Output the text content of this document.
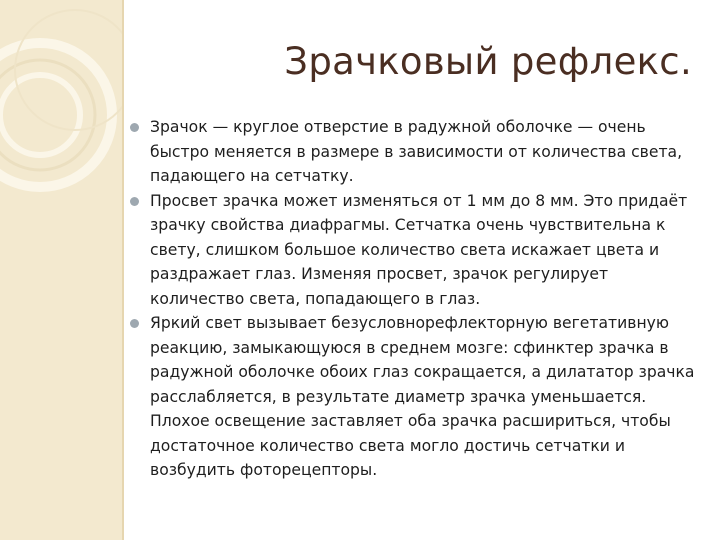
Зрачковый рефлекс.
Зрачок — круглое отверстие в радужной оболочке — очень быстро меняется в размере в зависимости от количества света, падающего на сетчатку.
Просвет зрачка может изменяться от 1 мм до 8 мм. Это придаёт зрачку свойства диафрагмы. Сетчатка очень чувствительна к свету, слишком большое количество света искажает цвета и раздражает глаз. Изменяя просвет, зрачок регулирует количество света, попадающего в глаз.
Яркий свет вызывает безусловнорефлекторную вегетативную реакцию, замыкающуюся в среднем мозге: сфинктер зрачка в радужной оболочке обоих глаз сокращается, а дилататор зрачка расслабляется, в результате диаметр зрачка уменьшается. Плохое освещение заставляет оба зрачка расшириться, чтобы достаточное количество света могло достичь сетчатки и возбудить фоторецепторы.
